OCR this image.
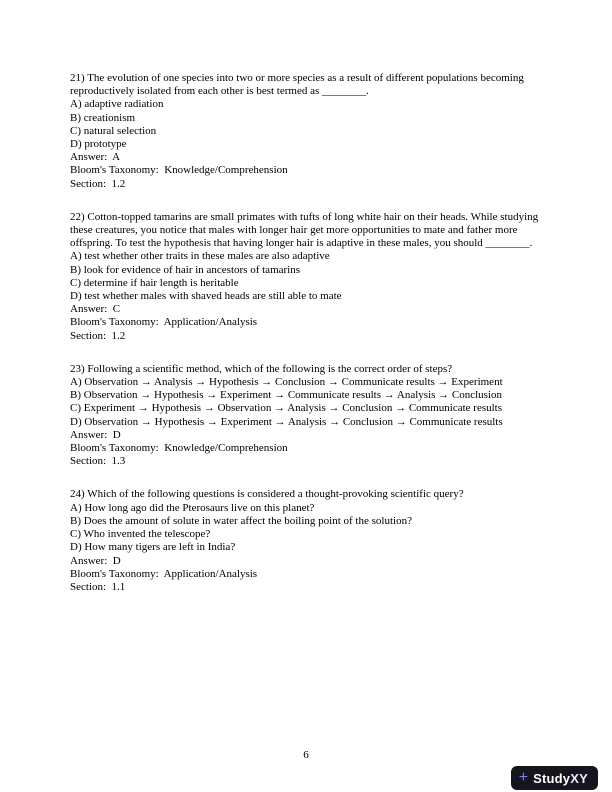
21) The evolution of one species into two or more species as a result of different populations becoming reproductively isolated from each other is best termed as ________.
A) adaptive radiation
B) creationism
C) natural selection
D) prototype
Answer:  A
Bloom's Taxonomy:  Knowledge/Comprehension
Section:  1.2
22) Cotton-topped tamarins are small primates with tufts of long white hair on their heads. While studying these creatures, you notice that males with longer hair get more opportunities to mate and father more offspring. To test the hypothesis that having longer hair is adaptive in these males, you should ________.
A) test whether other traits in these males are also adaptive
B) look for evidence of hair in ancestors of tamarins
C) determine if hair length is heritable
D) test whether males with shaved heads are still able to mate
Answer:  C
Bloom's Taxonomy:  Application/Analysis
Section:  1.2
23) Following a scientific method, which of the following is the correct order of steps?
A) Observation → Analysis → Hypothesis → Conclusion → Communicate results → Experiment
B) Observation → Hypothesis → Experiment → Communicate results → Analysis → Conclusion
C) Experiment → Hypothesis → Observation → Analysis → Conclusion → Communicate results
D) Observation → Hypothesis → Experiment → Analysis → Conclusion → Communicate results
Answer:  D
Bloom's Taxonomy:  Knowledge/Comprehension
Section:  1.3
24) Which of the following questions is considered a thought-provoking scientific query?
A) How long ago did the Pterosaurs live on this planet?
B) Does the amount of solute in water affect the boiling point of the solution?
C) Who invented the telescope?
D) How many tigers are left in India?
Answer:  D
Bloom's Taxonomy:  Application/Analysis
Section:  1.1
6
+ StudyXY
